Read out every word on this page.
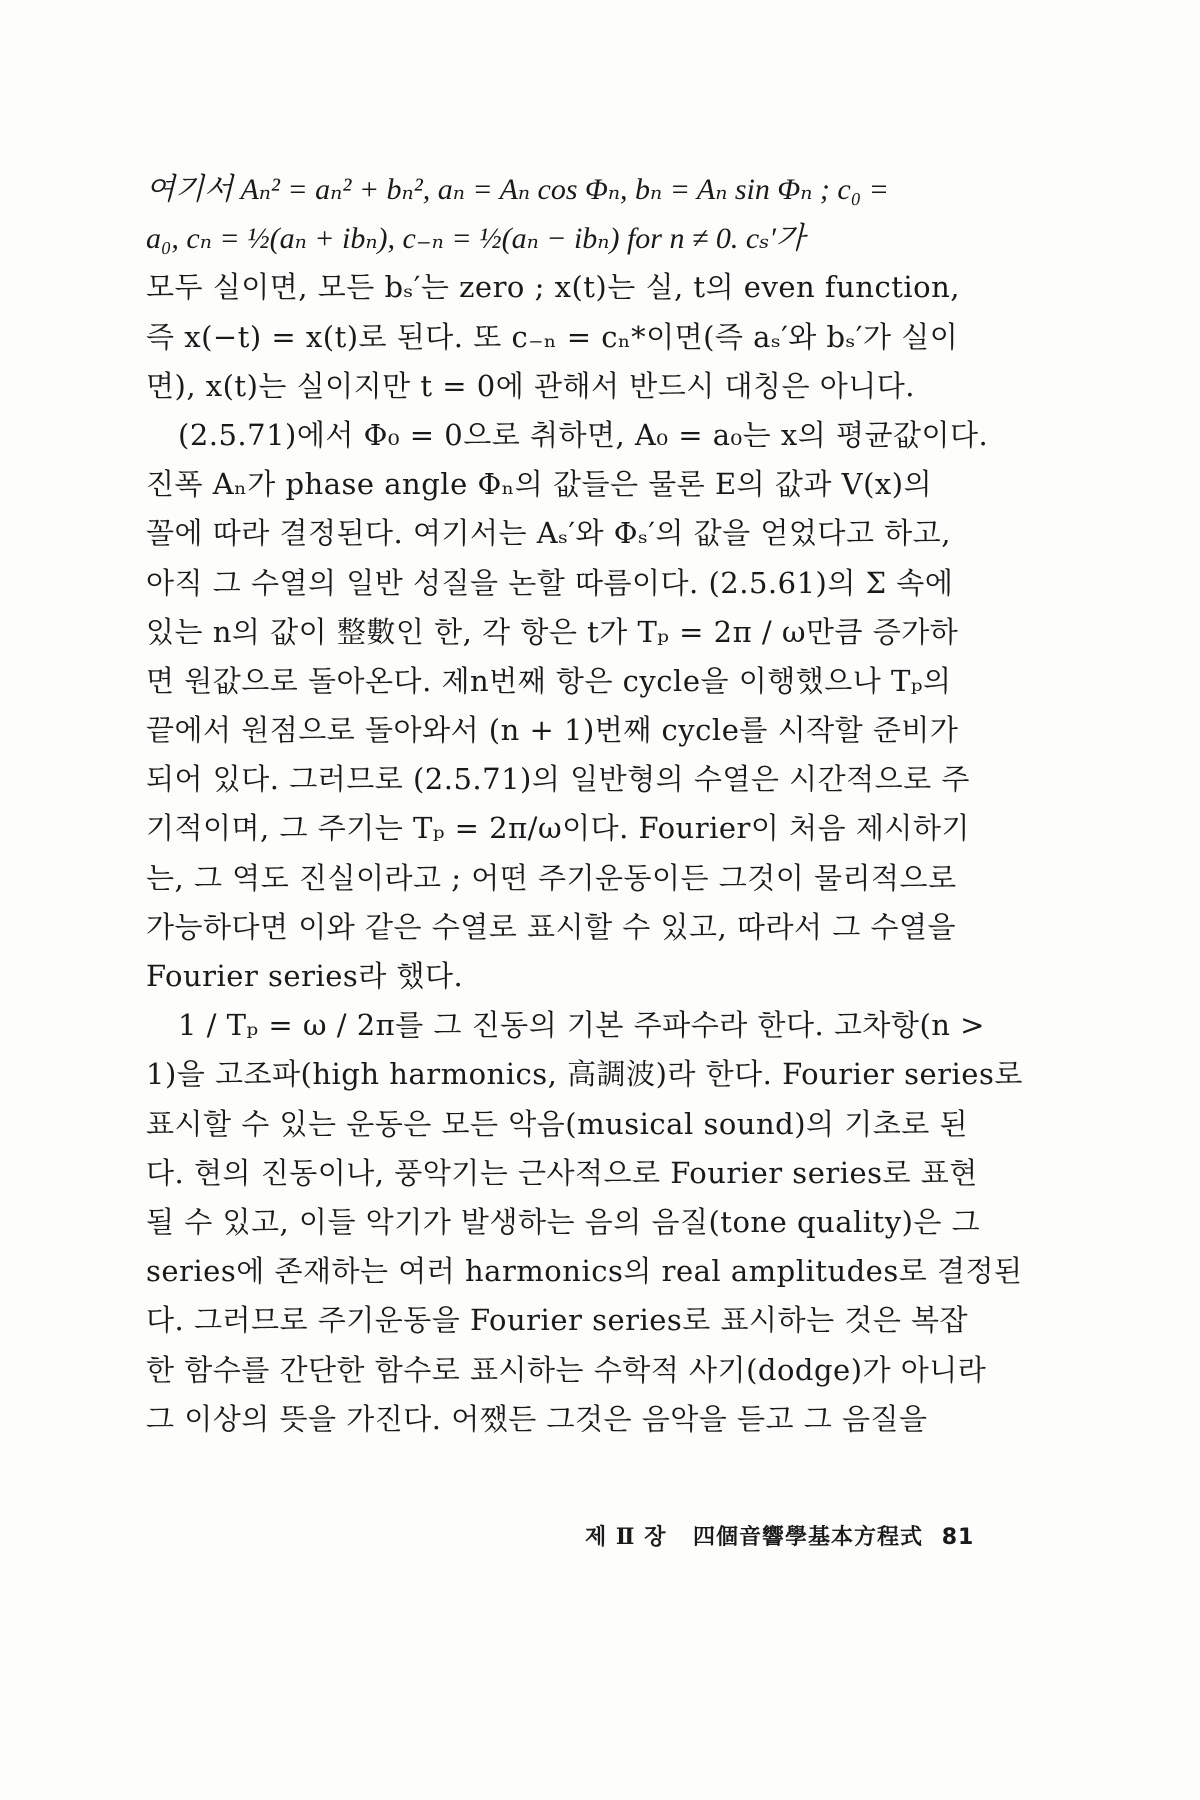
여기서 Aₙ² = aₙ² + bₙ², aₙ = Aₙ cos Φₙ, bₙ = Aₙ sin Φₙ ; c₀ =
a₀, cₙ = ½(aₙ + ibₙ), c₋ₙ = ½(aₙ − ibₙ) for n ≠ 0. cₛ′가
모두 실이면, 모든 bₛ′는 zero ; x(t)는 실, t의 even function,
즉 x(−t) = x(t)로 된다. 또 c₋ₙ = cₙ*이면(즉 aₛ′와 bₛ′가 실이
면), x(t)는 실이지만 t = 0에 관해서 반드시 대칭은 아니다.
(2.5.71)에서 Φ₀ = 0으로 취하면, A₀ = a₀는 x의 평균값이다.
진폭 Aₙ가 phase angle Φₙ의 값들은 물론 E의 값과 V(x)의
꼴에 따라 결정된다. 여기서는 Aₛ′와 Φₛ′의 값을 얻었다고 하고,
아직 그 수열의 일반 성질을 논할 따름이다. (2.5.61)의 Σ 속에
있는 n의 값이 整數인 한, 각 항은 t가 Tₚ = 2π / ω만큼 증가하
면 원값으로 돌아온다. 제n번째 항은 cycle을 이행했으나 Tₚ의
끝에서 원점으로 돌아와서 (n + 1)번째 cycle를 시작할 준비가
되어 있다. 그러므로 (2.5.71)의 일반형의 수열은 시간적으로 주
기적이며, 그 주기는 Tₚ = 2π/ω이다. Fourier이 처음 제시하기
는, 그 역도 진실이라고 ; 어떤 주기운동이든 그것이 물리적으로
가능하다면 이와 같은 수열로 표시할 수 있고, 따라서 그 수열을
Fourier series라 했다.
1 / Tₚ = ω / 2π를 그 진동의 기본 주파수라 한다. 고차항(n >
1)을 고조파(high harmonics, 高調波)라 한다. Fourier series로
표시할 수 있는 운동은 모든 악음(musical sound)의 기초로 된
다. 현의 진동이나, 풍악기는 근사적으로 Fourier series로 표현
될 수 있고, 이들 악기가 발생하는 음의 음질(tone quality)은 그
series에 존재하는 여러 harmonics의 real amplitudes로 결정된
다. 그러므로 주기운동을 Fourier series로 표시하는 것은 복잡
한 함수를 간단한 함수로 표시하는 수학적 사기(dodge)가 아니라
그 이상의 뜻을 가진다. 어쨌든 그것은 음악을 듣고 그 음질을
제 Ⅱ 장 四個音響學基本方程式 81
